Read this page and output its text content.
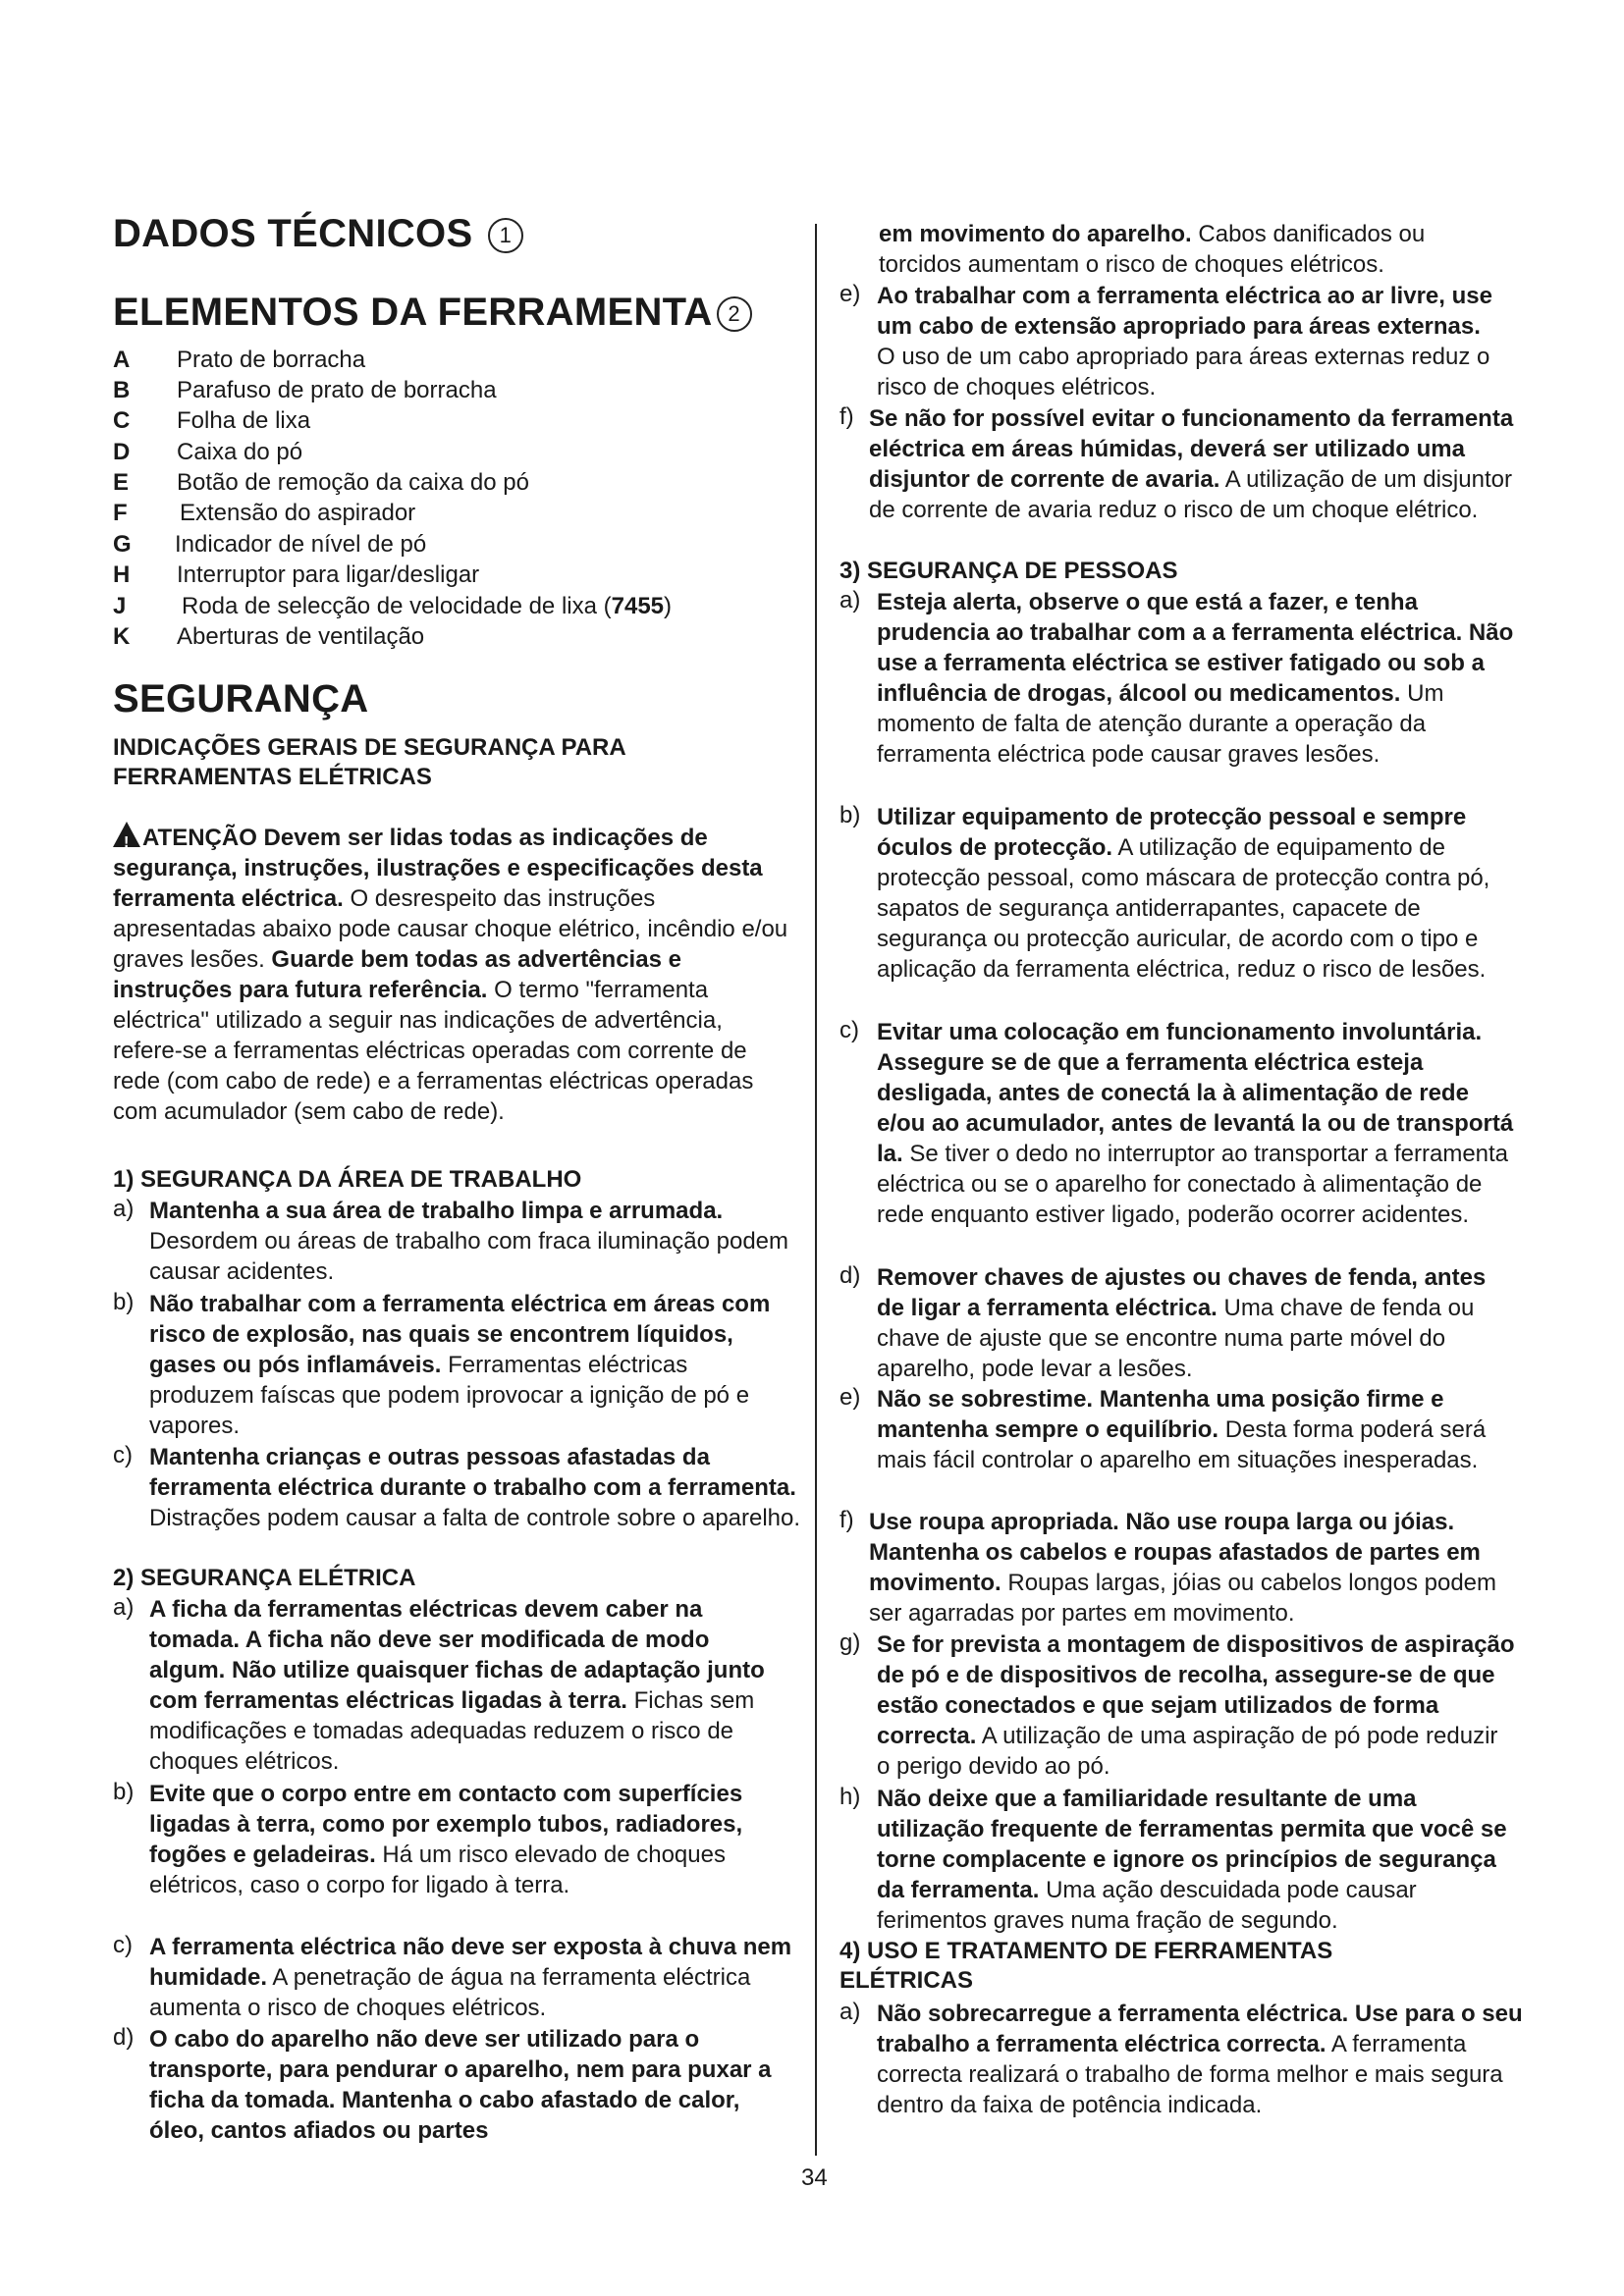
DADOS TÉCNICOS 1
ELEMENTOS DA FERRAMENTA 2
A Prato de borracha
B Parafuso de prato de borracha
C Folha de lixa
D Caixa do pó
E Botão de remoção da caixa do pó
F Extensão do aspirador
G Indicador de nível de pó
H Interruptor para ligar/desligar
J Roda de selecção de velocidade de lixa (7455)
K Aberturas de ventilação
SEGURANÇA
INDICAÇÕES GERAIS DE SEGURANÇA PARA FERRAMENTAS ELÉTRICAS
!ATENÇÃO Devem ser lidas todas as indicações de segurança, instruções, ilustrações e especificações desta ferramenta eléctrica. O desrespeito das instruções apresentadas abaixo pode causar choque elétrico, incêndio e/ou graves lesões. Guarde bem todas as advertências e instruções para futura referência. O termo "ferramenta eléctrica" utilizado a seguir nas indicações de advertência, refere-se a ferramentas eléctricas operadas com corrente de rede (com cabo de rede) e a ferramentas eléctricas operadas com acumulador (sem cabo de rede).
1) SEGURANÇA DA ÁREA DE TRABALHO
a) Mantenha a sua área de trabalho limpa e arrumada.
Desordem ou áreas de trabalho com fraca iluminação podem causar acidentes.
b) Não trabalhar com a ferramenta eléctrica em áreas com risco de explosão, nas quais se encontrem líquidos, gases ou pós inflamáveis. Ferramentas eléctricas produzem faíscas que podem iprovocar a ignição de pó e vapores.
c) Mantenha crianças e outras pessoas afastadas da ferramenta eléctrica durante o trabalho com a ferramenta. Distrações podem causar a falta de controle sobre o aparelho.
2) SEGURANÇA ELÉTRICA
a) A ficha da ferramentas eléctricas devem caber na tomada. A ficha não deve ser modificada de modo algum. Não utilize quaisquer fichas de adaptação junto com ferramentas eléctricas ligadas à terra. Fichas sem modificações e tomadas adequadas reduzem o risco de choques elétricos.
b) Evite que o corpo entre em contacto com superfícies ligadas à terra, como por exemplo tubos, radiadores, fogões e geladeiras. Há um risco elevado de choques elétricos, caso o corpo for ligado à terra.
c) A ferramenta eléctrica não deve ser exposta à chuva nem humidade. A penetração de água na ferramenta eléctrica aumenta o risco de choques elétricos.
d) O cabo do aparelho não deve ser utilizado para o transporte, para pendurar o aparelho, nem para puxar a ficha da tomada. Mantenha o cabo afastado de calor, óleo, cantos afiados ou partes
em movimento do aparelho. Cabos danificados ou torcidos aumentam o risco de choques elétricos.
e) Ao trabalhar com a ferramenta eléctrica ao ar livre, use um cabo de extensão apropriado para áreas externas. O uso de um cabo apropriado para áreas externas reduz o risco de choques elétricos.
f) Se não for possível evitar o funcionamento da ferramenta eléctrica em áreas húmidas, deverá ser utilizado uma disjuntor de corrente de avaria. A utilização de um disjuntor de corrente de avaria reduz o risco de um choque elétrico.
3) SEGURANÇA DE PESSOAS
a) Esteja alerta, observe o que está a fazer, e tenha prudencia ao trabalhar com a a ferramenta eléctrica. Não use a ferramenta eléctrica se estiver fatigado ou sob a influência de drogas, álcool ou medicamentos. Um momento de falta de atenção durante a operação da ferramenta eléctrica pode causar graves lesões.
b) Utilizar equipamento de protecção pessoal e sempre óculos de protecção. A utilização de equipamento de protecção pessoal, como máscara de protecção contra pó, sapatos de segurança antiderrapantes, capacete de segurança ou protecção auricular, de acordo com o tipo e aplicação da ferramenta eléctrica, reduz o risco de lesões.
c) Evitar uma colocação em funcionamento involuntária. Assegure se de que a ferramenta eléctrica esteja desligada, antes de conectá la à alimentação de rede e/ou ao acumulador, antes de levantá la ou de transportá la. Se tiver o dedo no interruptor ao transportar a ferramenta eléctrica ou se o aparelho for conectado à alimentação de rede enquanto estiver ligado, poderão ocorrer acidentes.
d) Remover chaves de ajustes ou chaves de fenda, antes de ligar a ferramenta eléctrica. Uma chave de fenda ou chave de ajuste que se encontre numa parte móvel do aparelho, pode levar a lesões.
e) Não se sobrestime. Mantenha uma posição firme e mantenha sempre o equilíbrio. Desta forma poderá será mais fácil controlar o aparelho em situações inesperadas.
f) Use roupa apropriada. Não use roupa larga ou jóias. Mantenha os cabelos e roupas afastados de partes em movimento. Roupas largas, jóias ou cabelos longos podem ser agarradas por partes em movimento.
g) Se for prevista a montagem de dispositivos de aspiração de pó e de dispositivos de recolha, assegure-se de que estão conectados e que sejam utilizados de forma correcta. A utilização de uma aspiração de pó pode reduzir o perigo devido ao pó.
h) Não deixe que a familiaridade resultante de uma utilização frequente de ferramentas permita que você se torne complacente e ignore os princípios de segurança da ferramenta. Uma ação descuidada pode causar ferimentos graves numa fração de segundo.
4) USO E TRATAMENTO DE FERRAMENTAS ELÉTRICAS
a) Não sobrecarregue a ferramenta eléctrica. Use para o seu trabalho a ferramenta eléctrica correcta. A ferramenta correcta realizará o trabalho de forma melhor e mais segura dentro da faixa de potência indicada.
34
